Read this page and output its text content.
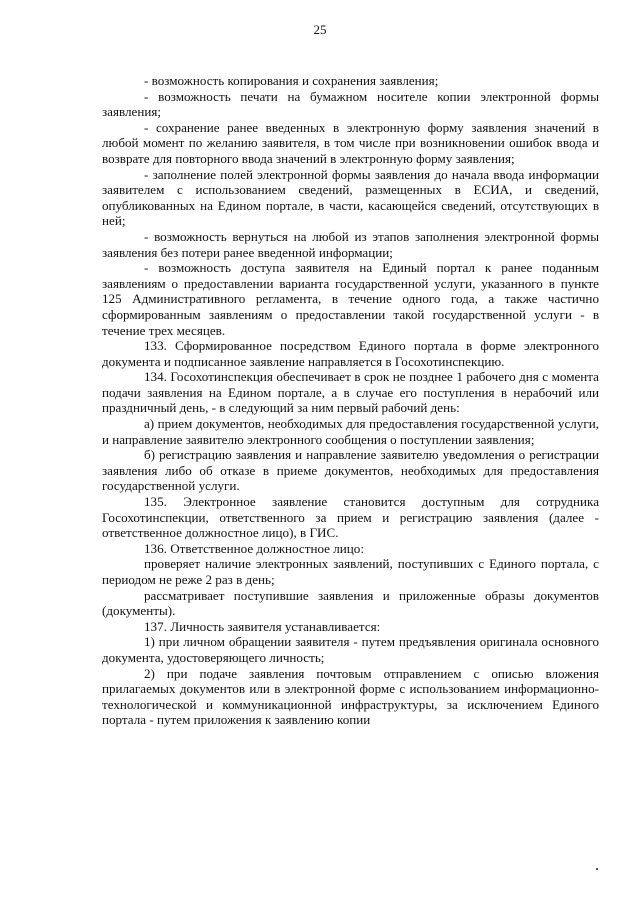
25

- возможность копирования и сохранения заявления;

- возможность печати на бумажном носителе копии электронной формы заявления;

- сохранение ранее введенных в электронную форму заявления значений в любой момент по желанию заявителя, в том числе при возникновении ошибок ввода и возврате для повторного ввода значений в электронную форму заявления;

- заполнение полей электронной формы заявления до начала ввода информации заявителем с использованием сведений, размещенных в ЕСИА, и сведений, опубликованных на Едином портале, в части, касающейся сведений, отсутствующих в ней;

- возможность вернуться на любой из этапов заполнения электронной формы заявления без потери ранее введенной информации;

- возможность доступа заявителя на Единый портал к ранее поданным заявлениям о предоставлении варианта государственной услуги, указанного в пункте 125 Административного регламента, в течение одного года, а также частично сформированным заявлениям о предоставлении такой государственной услуги - в течение трех месяцев.

133. Сформированное посредством Единого портала в форме электронного документа и подписанное заявление направляется в Госохотинспекцию.

134. Госохотинспекция обеспечивает в срок не позднее 1 рабочего дня с момента подачи заявления на Едином портале, а в случае его поступления в нерабочий или праздничный день, - в следующий за ним первый рабочий день:

а) прием документов, необходимых для предоставления государственной услуги, и направление заявителю электронного сообщения о поступлении заявления;

б) регистрацию заявления и направление заявителю уведомления о регистрации заявления либо об отказе в приеме документов, необходимых для предоставления государственной услуги.

135. Электронное заявление становится доступным для сотрудника Госохотинспекции, ответственного за прием и регистрацию заявления (далее - ответственное должностное лицо), в ГИС.

136. Ответственное должностное лицо:

проверяет наличие электронных заявлений, поступивших с Единого портала, с периодом не реже 2 раз в день;

рассматривает поступившие заявления и приложенные образы документов (документы).

137. Личность заявителя устанавливается:

1) при личном обращении заявителя - путем предъявления оригинала основного документа, удостоверяющего личность;

2) при подаче заявления почтовым отправлением с описью вложения прилагаемых документов или в электронной форме с использованием информационно-технологической и коммуникационной инфраструктуры, за исключением Единого портала - путем приложения к заявлению копии
